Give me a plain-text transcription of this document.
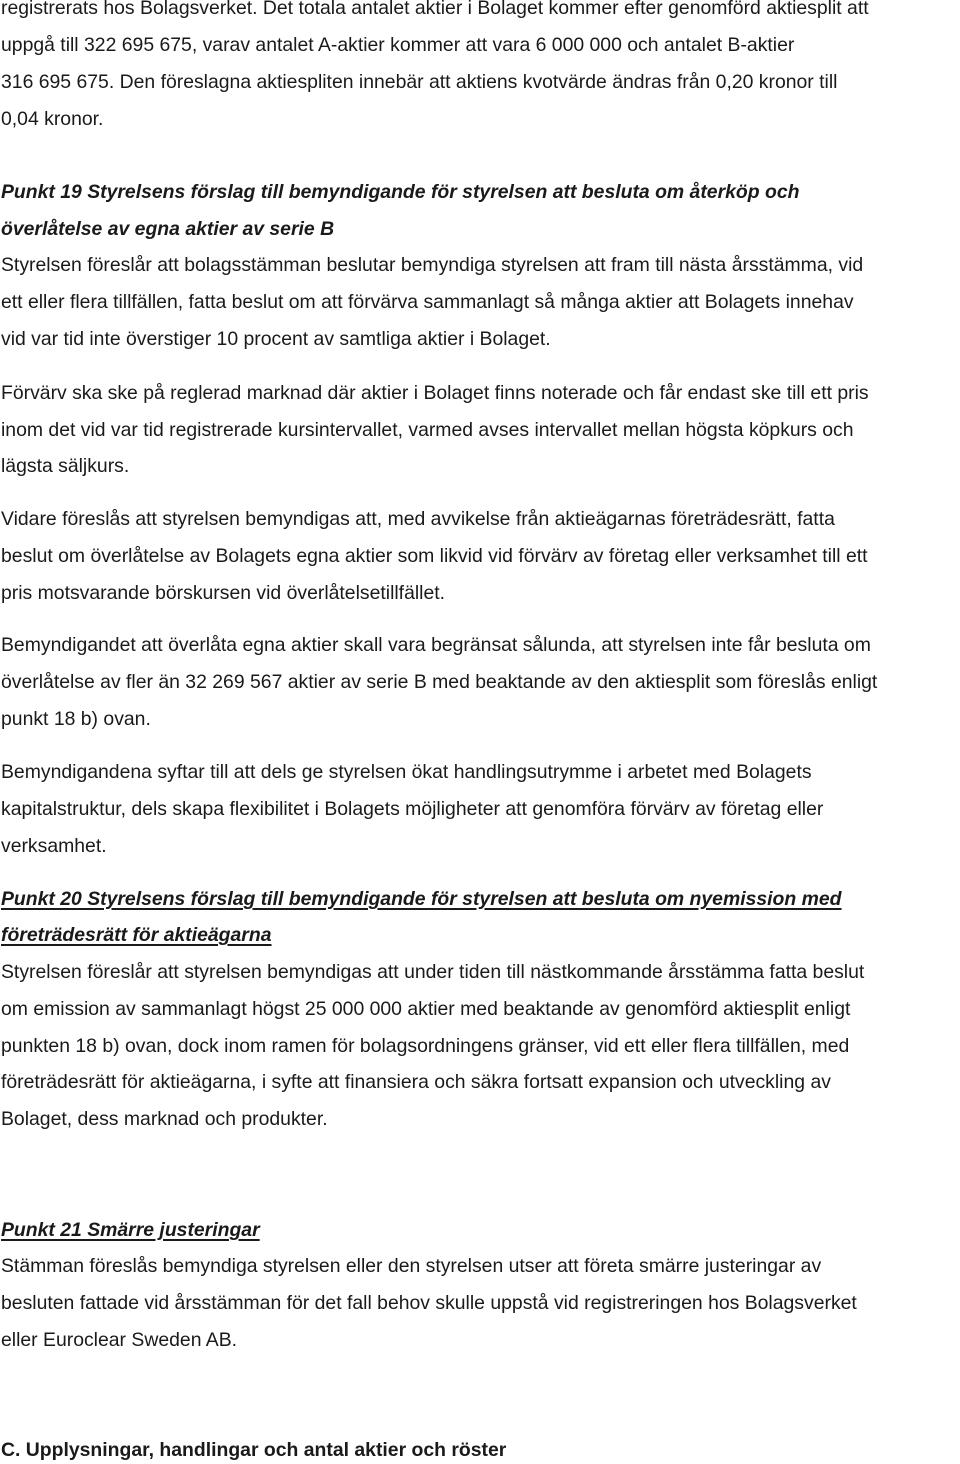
registrerats hos Bolagsverket. Det totala antalet aktier i Bolaget kommer efter genomförd aktiesplit att
uppgå till 322 695 675, varav antalet A-aktier kommer att vara 6 000 000 och antalet B-aktier
316 695 675. Den föreslagna aktiespliten innebär att aktiens kvotvärde ändras från 0,20 kronor till
0,04 kronor.
Punkt 19 Styrelsens förslag till bemyndigande för styrelsen att besluta om återköp och
överlåtelse av egna aktier av serie B
Styrelsen föreslår att bolagsstämman beslutar bemyndiga styrelsen att fram till nästa årsstämma, vid
ett eller flera tillfällen, fatta beslut om att förvärva sammanlagt så många aktier att Bolagets innehav
vid var tid inte överstiger 10 procent av samtliga aktier i Bolaget.
Förvärv ska ske på reglerad marknad där aktier i Bolaget finns noterade och får endast ske till ett pris
inom det vid var tid registrerade kursintervallet, varmed avses intervallet mellan högsta köpkurs och
lägsta säljkurs.
Vidare föreslås att styrelsen bemyndigas att, med avvikelse från aktieägarnas företrädesrätt, fatta
beslut om överlåtelse av Bolagets egna aktier som likvid vid förvärv av företag eller verksamhet till ett
pris motsvarande börskursen vid överlåtelsetillfället.
Bemyndigandet att överlåta egna aktier skall vara begränsat sålunda, att styrelsen inte får besluta om
överlåtelse av fler än 32 269 567 aktier av serie B med beaktande av den aktiesplit som föreslås enligt
punkt 18 b) ovan.
Bemyndigandena syftar till att dels ge styrelsen ökat handlingsutrymme i arbetet med Bolagets
kapitalstruktur, dels skapa flexibilitet i Bolagets möjligheter att genomföra förvärv av företag eller
verksamhet.
Punkt 20 Styrelsens förslag till bemyndigande för styrelsen att besluta om nyemission med
företrädesrätt för aktieägarna
Styrelsen föreslår att styrelsen bemyndigas att under tiden till nästkommande årsstämma fatta beslut
om emission av sammanlagt högst 25 000 000 aktier med beaktande av genomförd aktiesplit enligt
punkten 18 b) ovan, dock inom ramen för bolagsordningens gränser, vid ett eller flera tillfällen, med
företrädesrätt för aktieägarna, i syfte att finansiera och säkra fortsatt expansion och utveckling av
Bolaget, dess marknad och produkter.
Punkt 21 Smärre justeringar
Stämman föreslås bemyndiga styrelsen eller den styrelsen utser att företa smärre justeringar av
besluten fattade vid årsstämman för det fall behov skulle uppstå vid registreringen hos Bolagsverket
eller Euroclear Sweden AB.
C. Upplysningar, handlingar och antal aktier och röster
